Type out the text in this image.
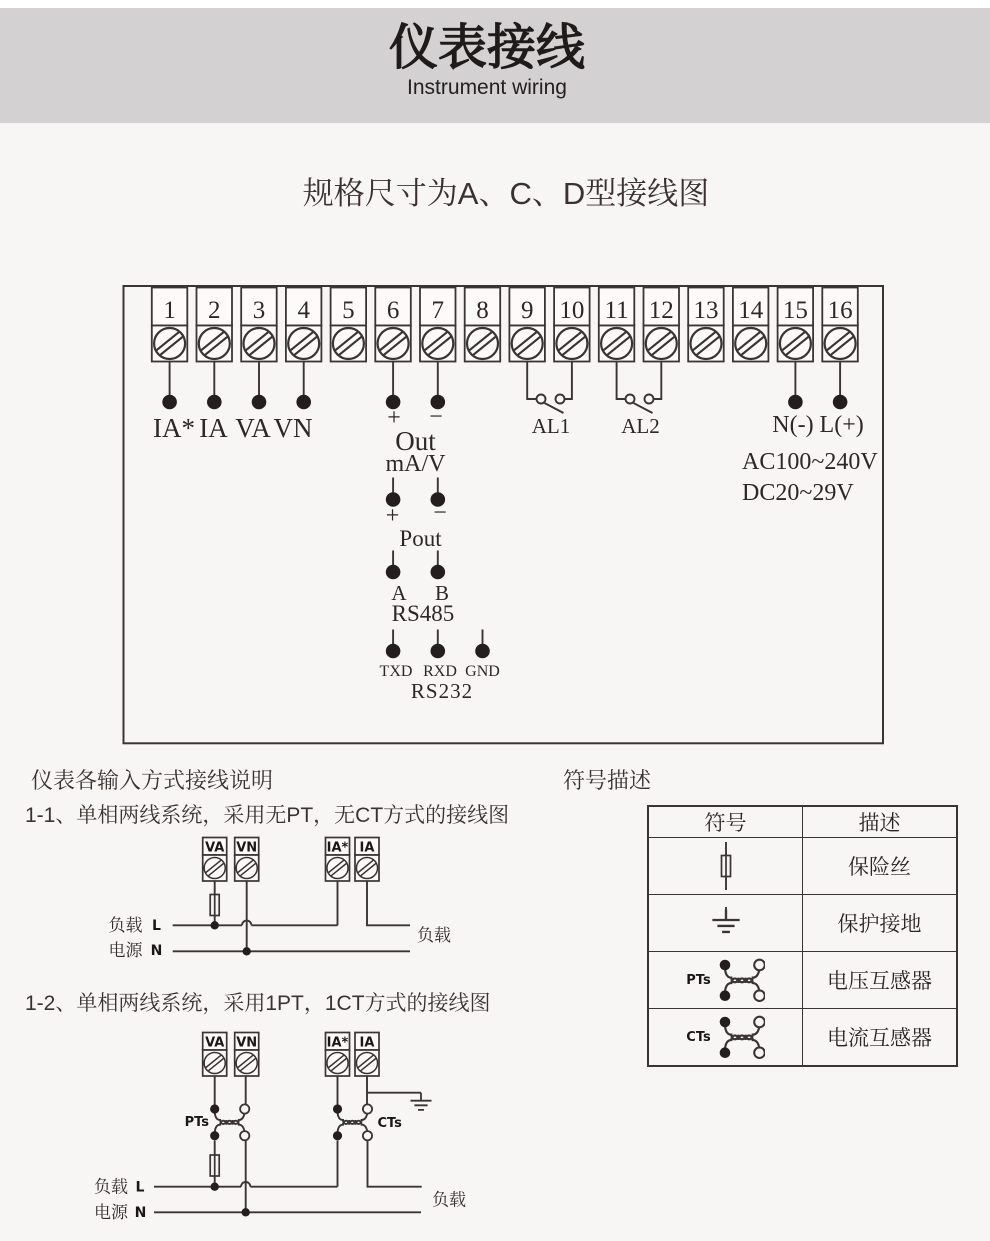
仪表接线
Instrument wiring
规格尺寸为A、C、D型接线图
1 2 3 4 5 6 7 8 9 10 11 12 13 14 15 16
IA* IA VA VN	+ −
Out
mA/V
AL1 AL2	N(-) L(+)
AC100~240V
DC20~29V
+ −
Pout
A B
RS485
TXD RXD GND
RS232
VA VN	IA* IA
负载 L
电源 N
负载
VA VN	IA* IA
PTs	CTs
负载 L
电源 N
负载
仪表各输入方式接线说明
1-1、单相两线系统，采用无PT，无CT方式的接线图
1-2、单相两线系统，采用1PT，1CT方式的接线图
符号描述
符号	描述

	保险丝

	保护接地

PTs	电压互感器

CTs	电流互感器
